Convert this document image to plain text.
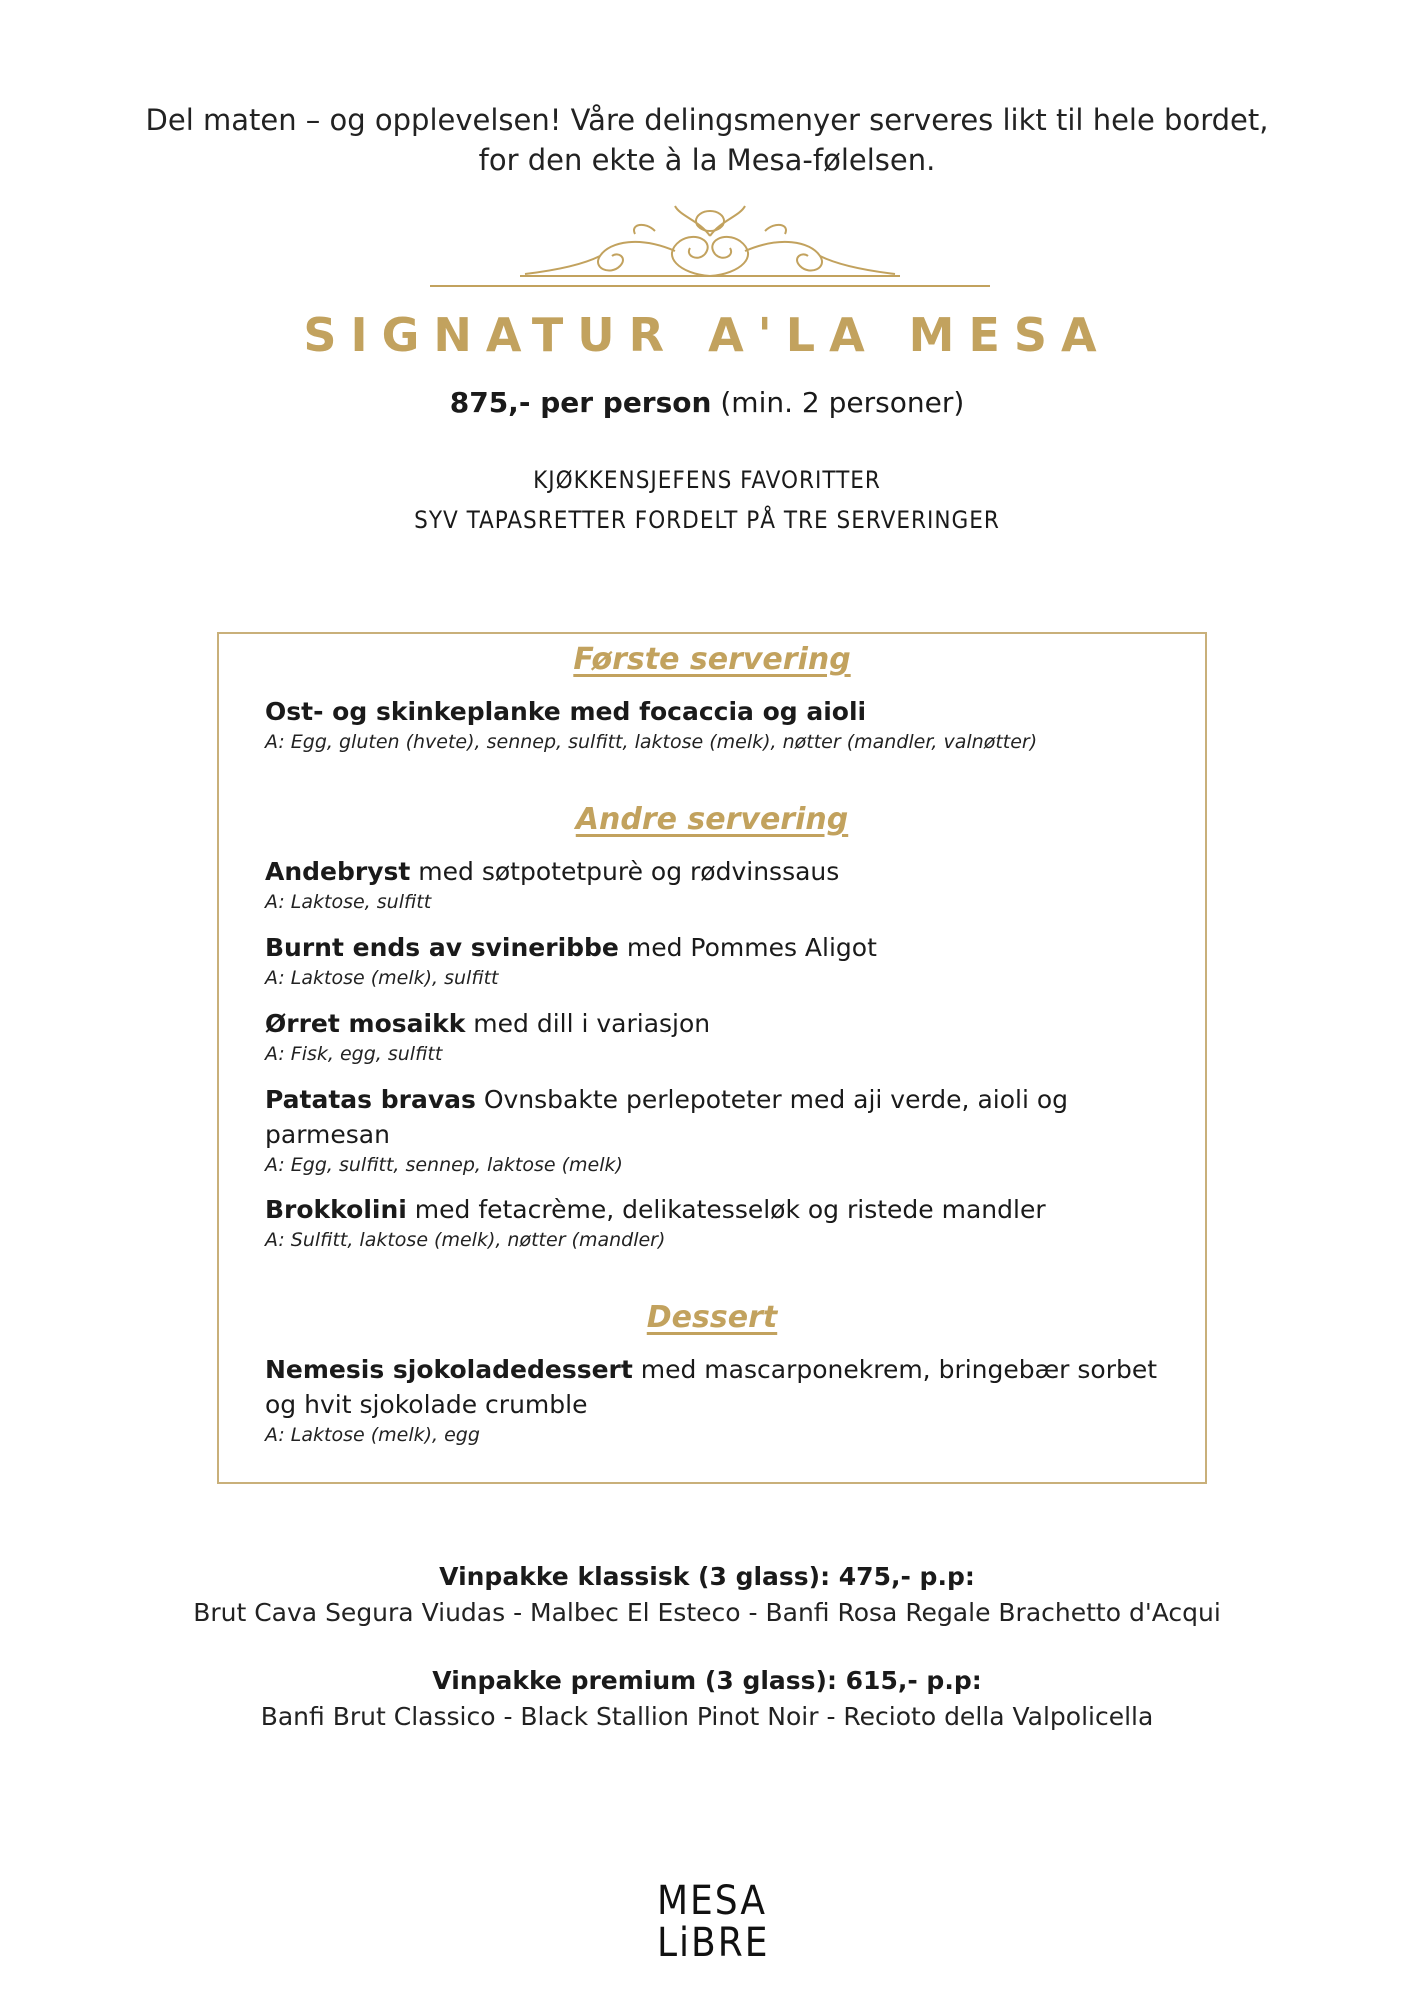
Del maten – og opplevelsen! Våre delingsmenyer serveres likt til hele bordet,
for den ekte à la Mesa-følelsen.
SIGNATUR A'LA MESA
875,- per person (min. 2 personer)
KJØKKENSJEFENS FAVORITTER
SYV TAPASRETTER FORDELT PÅ TRE SERVERINGER
Første servering
Ost- og skinkeplanke med focaccia og aioli
A: Egg, gluten (hvete), sennep, sulfitt, laktose (melk), nøtter (mandler, valnøtter)
Andre servering
Andebryst med søtpotetpurè og rødvinssaus
A: Laktose, sulfitt
Burnt ends av svineribbe med Pommes Aligot
A: Laktose (melk), sulfitt
Ørret mosaikk med dill i variasjon
A: Fisk, egg, sulfitt
Patatas bravas Ovnsbakte perlepoteter med aji verde, aioli og parmesan
A: Egg, sulfitt, sennep, laktose (melk)
Brokkolini med fetacrème, delikatesseløk og ristede mandler
A: Sulfitt, laktose (melk), nøtter (mandler)
Dessert
Nemesis sjokoladedessert med mascarponekrem, bringebær sorbet og hvit sjokolade crumble
A: Laktose (melk), egg
Vinpakke klassisk (3 glass): 475,- p.p:
Brut Cava Segura Viudas - Malbec El Esteco - Banfi Rosa Regale Brachetto d'Acqui
Vinpakke premium (3 glass): 615,- p.p:
Banfi Brut Classico - Black Stallion Pinot Noir - Recioto della Valpolicella
MESA
LiBRE
